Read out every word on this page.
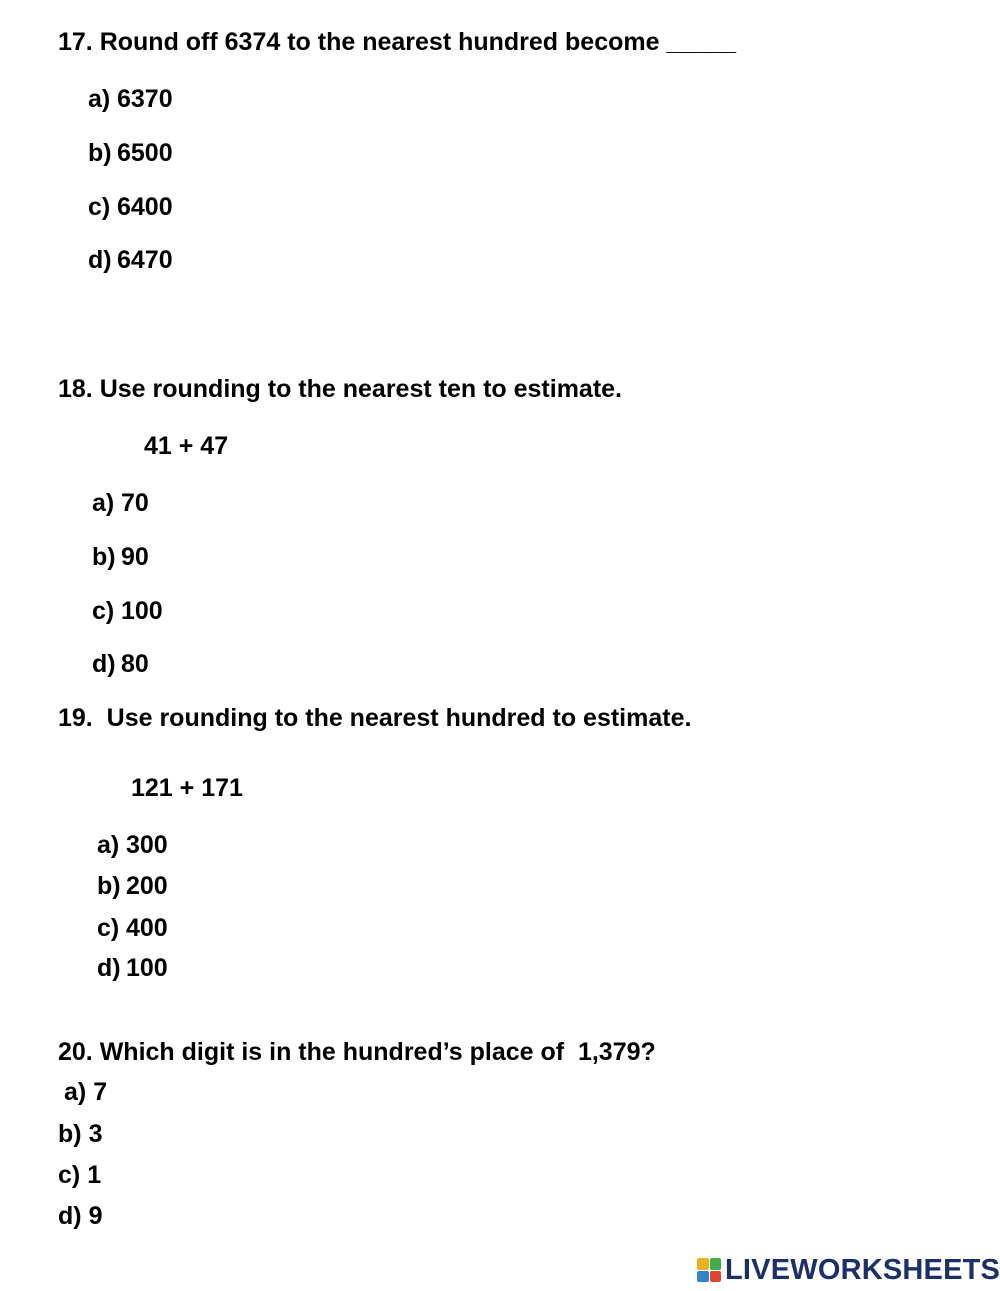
17. Round off 6374 to the nearest hundred become _____
a) 6370
b) 6500
c) 6400
d) 6470
18. Use rounding to the nearest ten to estimate.
41 + 47
a) 70
b) 90
c) 100
d) 80
19.  Use rounding to the nearest hundred to estimate.
121 + 171
a) 300
b) 200
c) 400
d) 100
20. Which digit is in the hundred’s place of  1,379?
a) 7
b) 3
c) 1
d) 9
LIVEWORKSHEETS
